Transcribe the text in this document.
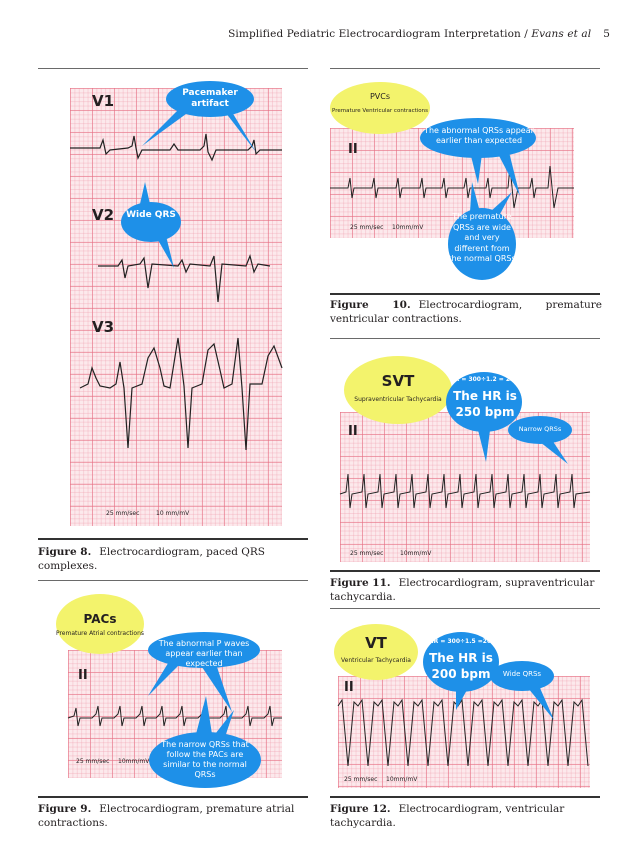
Simplified Pediatric Electrocardiogram Interpretation / Evans et al 5
V1
V2
V3
25 mm/sec	10 mm/mV
Pacemaker artifact
Wide QRS
Figure 8. Electrocardiogram, paced QRS complexes.
II
25 mm/sec 10mm/mV
PACs
Premature Atrial contractions
The abnormal P waves appear earlier than expected
The narrow QRSs that follow the PACs are similar to the normal QRSs
Figure 9. Electrocardiogram, premature atrial contractions.
II
25 mm/sec 10mm/mV
PVCs
Premature Ventricular contractions
The abnormal QRSs appear earlier than expected
The premature QRSs are wide and very different from the normal QRSs
Figure 10. Electrocardiogram, premature ventricular contractions.
II
25 mm/sec	10mm/mV
SVT
Supraventricular Tachycardia
HR = 300÷1.2 = 250
The HR is 250 bpm
Narrow QRSs
Figure 11. Electrocardiogram, supraventricular tachycardia.
II
25 mm/sec 10mm/mV
VT
Ventricular Tachycardia
HR = 300÷1.5 =200
The HR is 200 bpm	Wide QRSs
Figure 12. Electrocardiogram, ventricular tachycardia.
